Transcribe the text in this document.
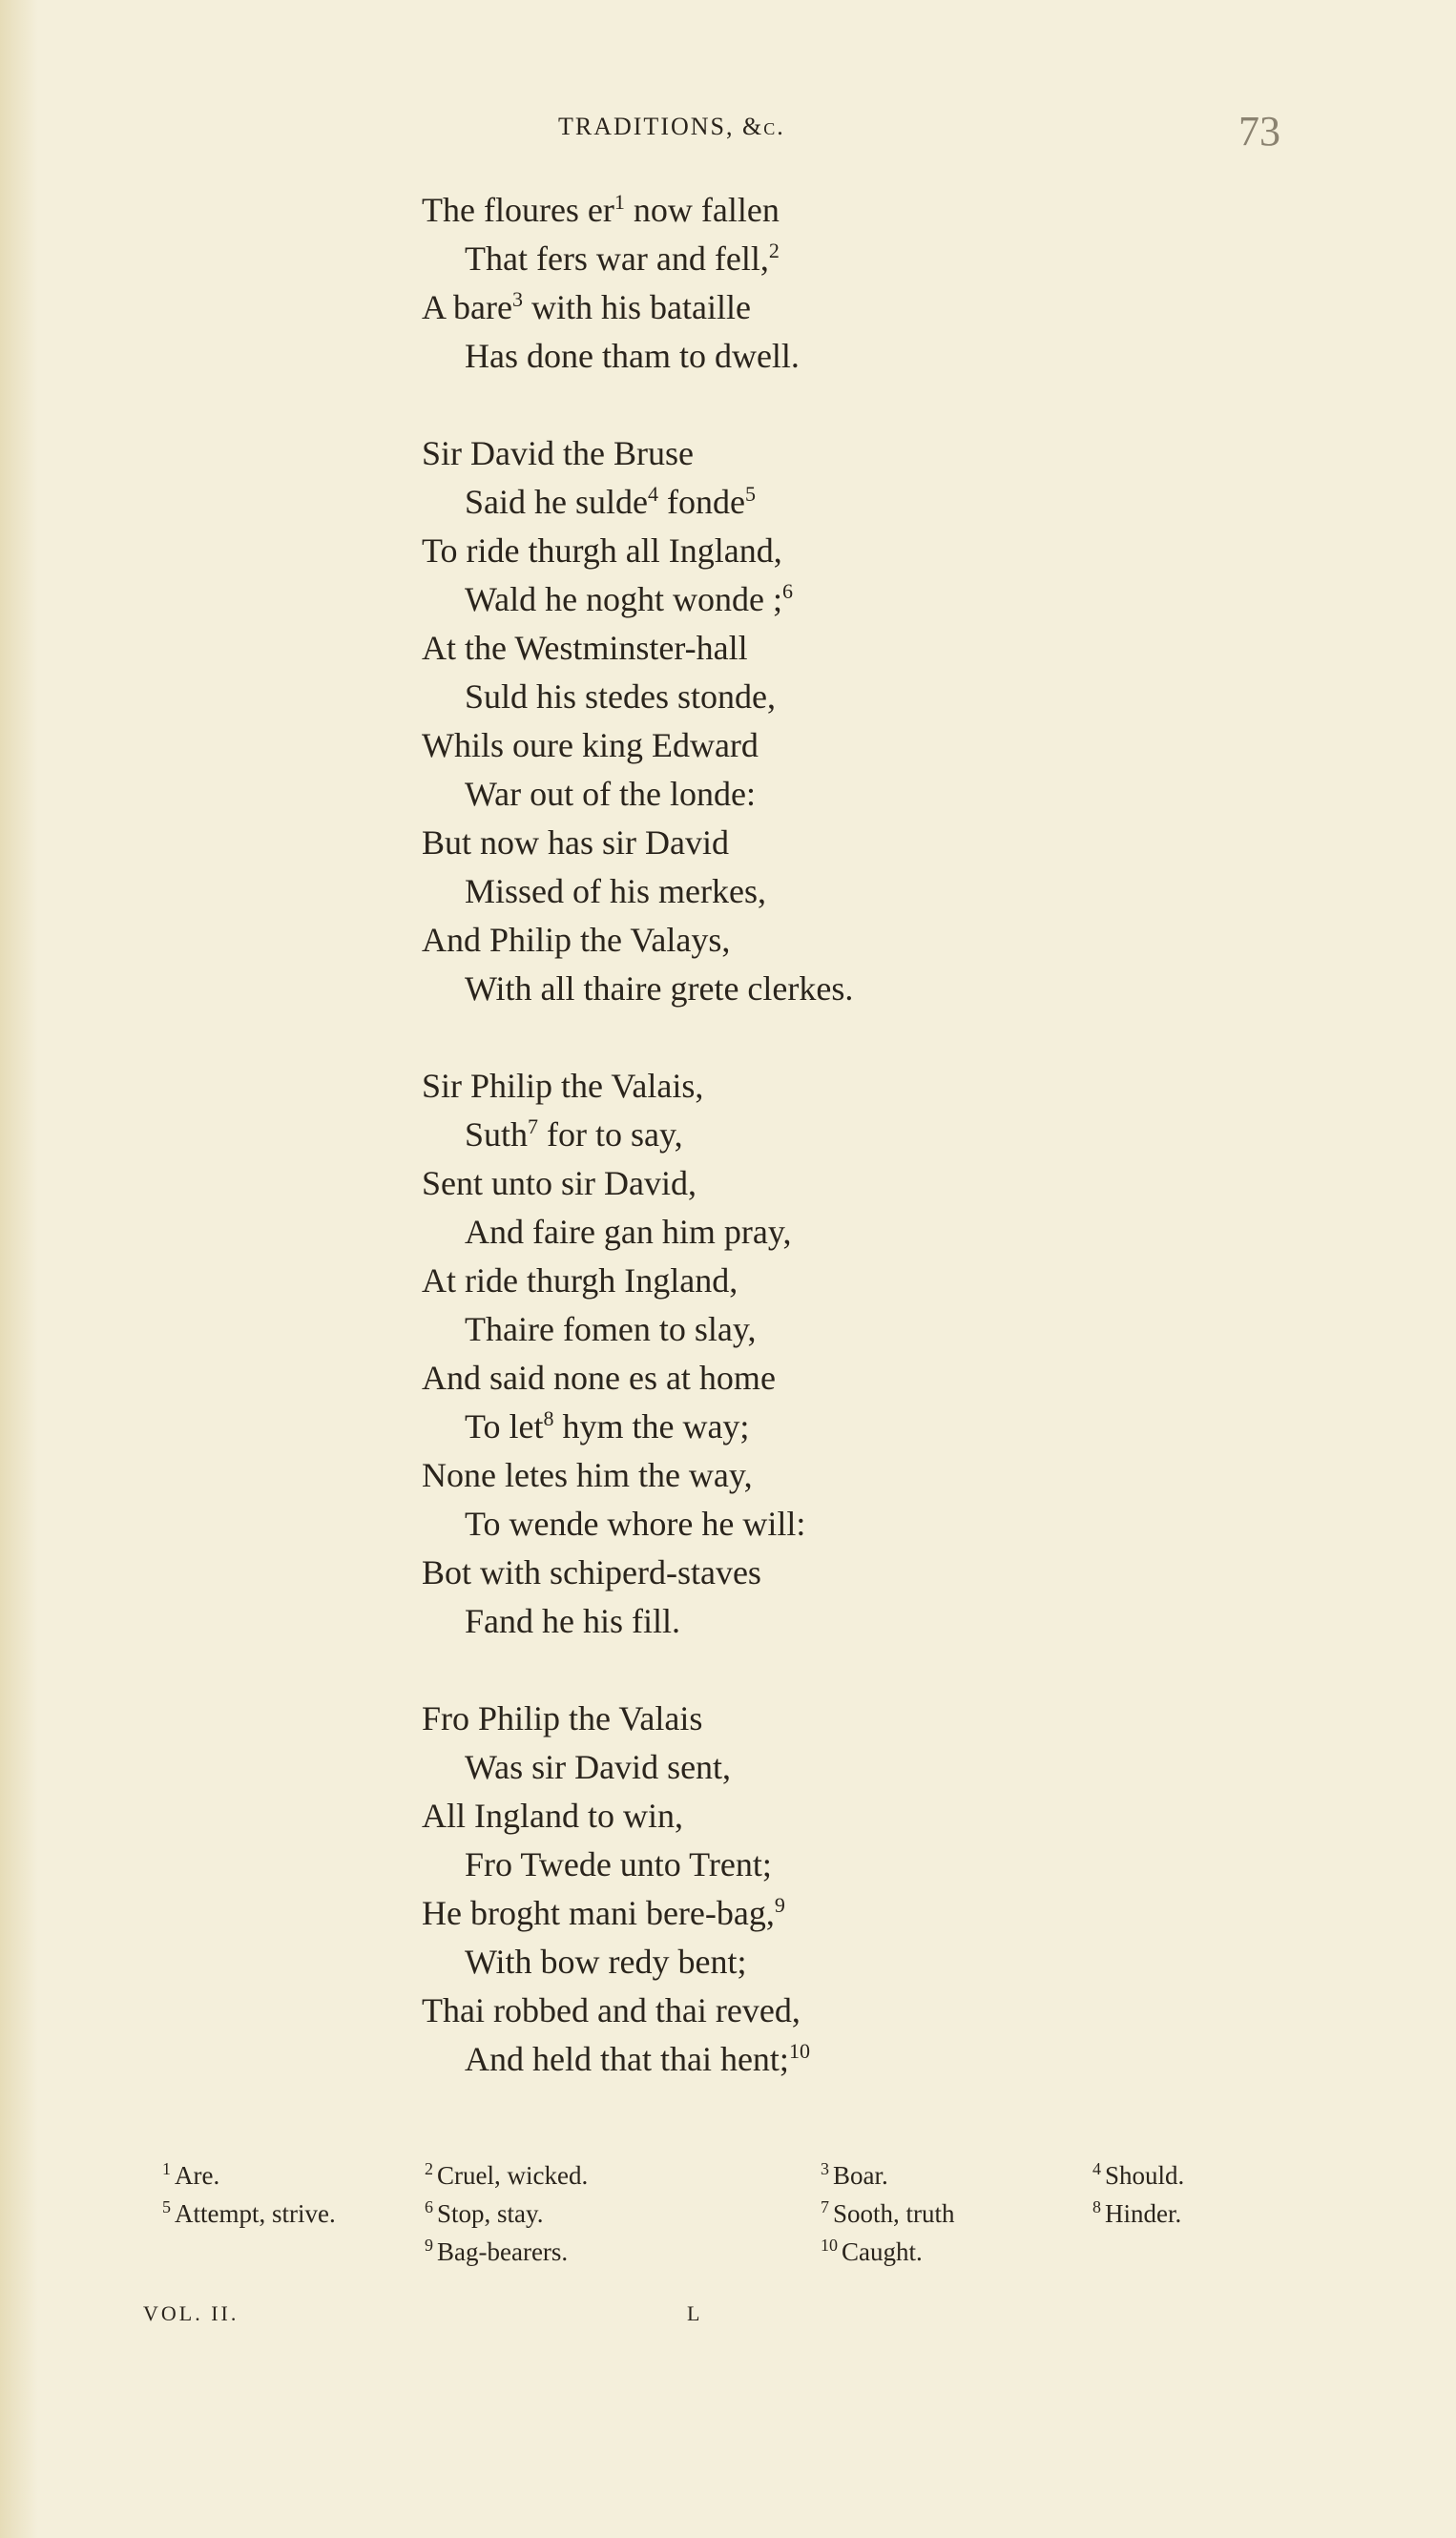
TRADITIONS, &c.	73
The floures $er^1$ now fallen
That fers war and fell,$^2$
A bare$^3$ with his bataille
Has done tham to dwell.
Sir David the Bruse
Said he sulde$^4$ fonde$^5$
To ride thurgh all Ingland,
Wald he noght wonde ;$^6$
At the Westminster-hall
Suld his stedes stonde,
Whils oure king Edward
War out of the londe:
But now has sir David
Missed of his merkes,
And Philip the Valays,
With all thaire grete clerkes.
Sir Philip the Valais,
Suth$^7$ for to say,
Sent unto sir David,
And faire gan him pray,
At ride thurgh Ingland,
Thaire fomen to slay,
And said none es at home
To let$^8$ hym the way;
None letes him the way,
To wende whore he will:
Bot with schiperd-staves
Fand he his fill.
Fro Philip the Valais
Was sir David sent,
All Ingland to win,
Fro Twede unto Trent;
He broght mani bere-bag,$^9$
With bow redy bent;
Thai robbed and thai reved,
And held that thai hent;$^{10}$
$^1$ Are.	$^2$ Cruel, wicked.	$^3$ Boar.	$^4$ Should.
$^5$ Attempt, strive.	$^6$ Stop, stay.	$^7$ Sooth, truth	$^8$ Hinder.
$^9$ Bag-bearers.	$^{10}$ Caught.
VOL. II.	L
